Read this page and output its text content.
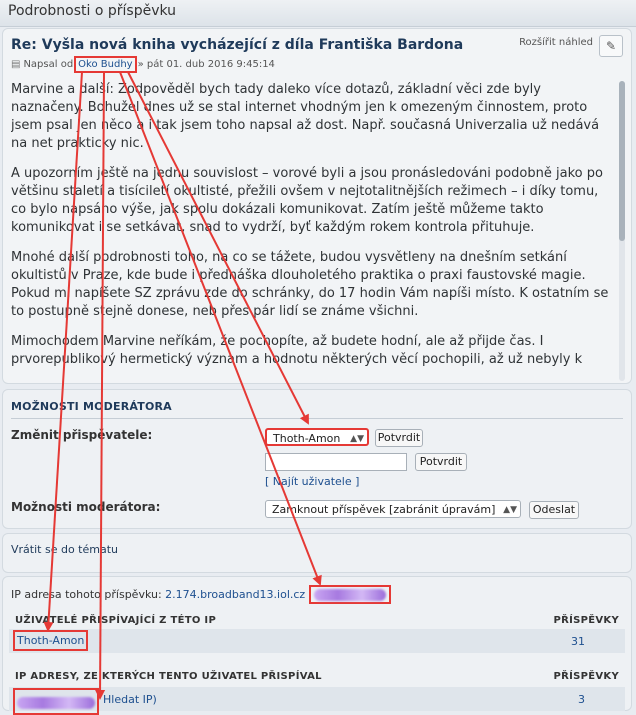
Podrobnosti o příspěvku
Re: Vyšla nová kniha vycházející z díla Františka Bardona	Rozšířit náhled	✎
▤ Napsal od Oko Budhy » pát 01. dub 2016 9:45:14

Marvine a další: Zodpověděl bych tady daleko více dotazů, základní věci zde byly naznačeny. Bohužel dnes už se stal internet vhodným jen k omezeným činnostem, proto jsem psal jen něco a i tak jsem toho napsal až dost. Např. současná Univerzalia už nedává na net prakticky nic.

A upozorním ještě na jednu souvislost – vorové byli a jsou pronásledováni podobně jako po většinu staletí a tisíciletí okultisté, přežili ovšem v nejtotalitnějších režimech – i díky tomu, co bylo napsáno výše, jak spolu dokázali komunikovat. Zatím ještě můžeme takto komunikovat i se setkávat, snad to vydrží, byť každým rokem kontrola přituhuje.

Mnohé další podrobnosti toho, na co se tážete, budou vysvětleny na dnešním setkání okultistů v Praze, kde bude i přednáška dlouholetého praktika o praxi faustovské magie. Pokud mi napíšete SZ zprávu zde do schránky, do 17 hodin Vám napíši místo. K ostatním se to postupně stejně donese, neb přes pár lidí se známe všichni.

Mimochodem Marvine neříkám, že pochopíte, až budete hodní, ale až přijde čas. I prvorepublikový hermetický význam a hodnotu některých věcí pochopili, až už nebyly k

MOŽNOSTI MODERÁTORA
Změnit přispěvatele:	Thoth-Amon ▲▼ Potvrdit
Potvrdit
[ Najít uživatele ]
Možnosti moderátora:	Zamknout příspěvek [zabránit úpravám] ▲▼	Odeslat
Vrátit se do tématu
IP adresa tohoto příspěvku: 2.174.broadband13.iol.cz
UŽIVATELÉ PŘISPÍVAJÍCÍ Z TÉTO IP	PŘÍSPĚVKY
Thoth-Amon	31
IP ADRESY, ZE KTERÝCH TENTO UŽIVATEL PŘISPÍVAL	PŘÍSPĚVKY
Hledat IP)	3
